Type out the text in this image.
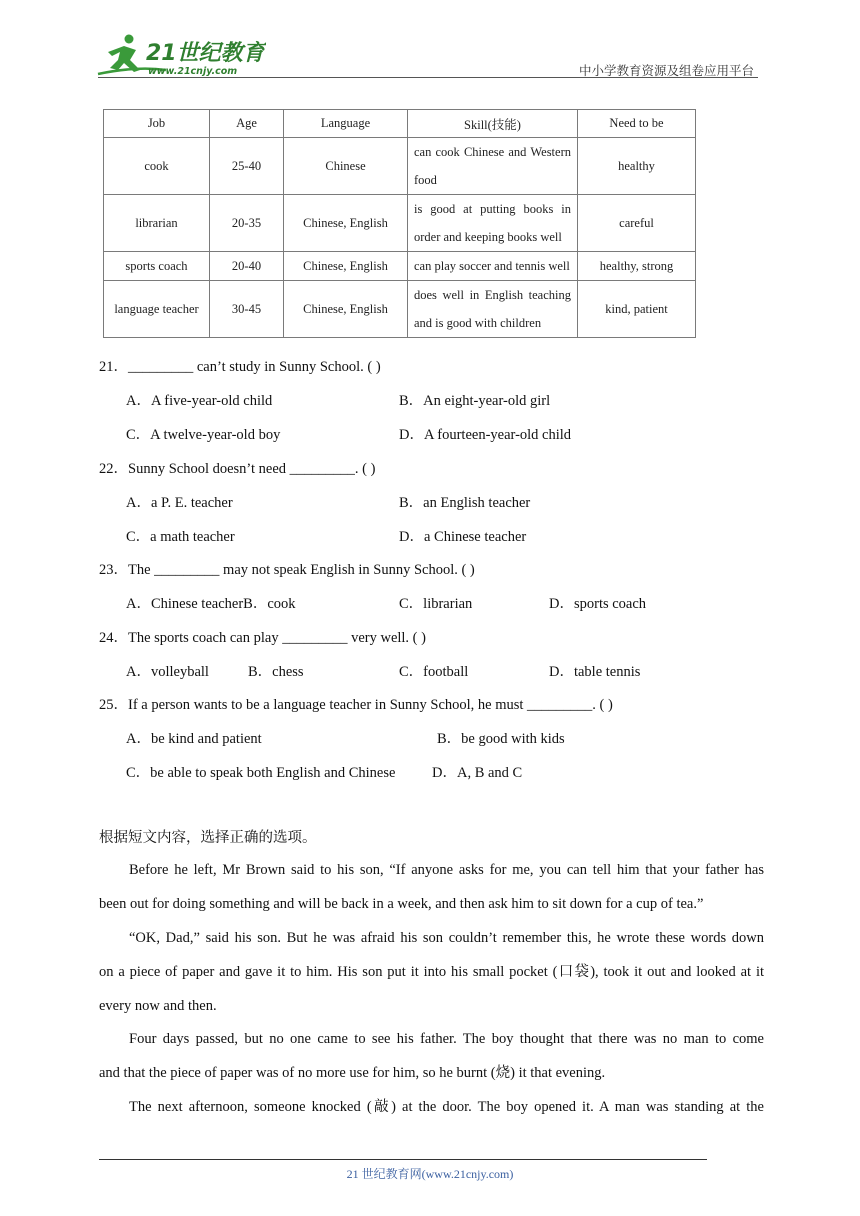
21世纪教育
www.21cnjy.com	中小学教育资源及组卷应用平台
Job	Age	Language	Skill(技能)	Need to be
cook	25-40	Chinese	can cook Chinese and Western food	healthy
librarian	20-35	Chinese, English	is good at putting books in order and keeping books well	careful
sports coach	20-40	Chinese, English	can play soccer and tennis well	healthy, strong
language teacher	30-45	Chinese, English	does well in English teaching and is good with children	kind, patient
21．_________ can’t study in Sunny School. ( )
A．A five-year-old child	B．An eight-year-old girl
C．A twelve-year-old boy	D．A fourteen-year-old child
22．Sunny School doesn’t need _________. ( )
A．a P. E. teacher	B．an English teacher
C．a math teacher	D．a Chinese teacher
23．The _________ may not speak English in Sunny School. ( )
A．Chinese teacherB．cook	C．librarian	D．sports coach
24．The sports coach can play _________ very well. ( )
A．volleyball	B．chess	C．football	D．table tennis
25．If a person wants to be a language teacher in Sunny School, he must _________. ( )
A．be kind and patient	B．be good with kids
C．be able to speak both English and Chinese	D．A, B and C
根据短文内容，选择正确的选项。
Before he left, Mr Brown said to his son, “If anyone asks for me, you can tell him that your father has
been out for doing something and will be back in a week, and then ask him to sit down for a cup of tea.”
“OK, Dad,” said his son. But he was afraid his son couldn’t remember this, he wrote these words down
on a piece of paper and gave it to him. His son put it into his small pocket (口袋), took it out and looked at it
every now and then.
Four days passed, but no one came to see his father. The boy thought that there was no man to come
and that the piece of paper was of no more use for him, so he burnt (烧) it that evening.
The next afternoon, someone knocked (敲) at the door. The boy opened it. A man was standing at the
21 世纪教育网(www.21cnjy.com)
